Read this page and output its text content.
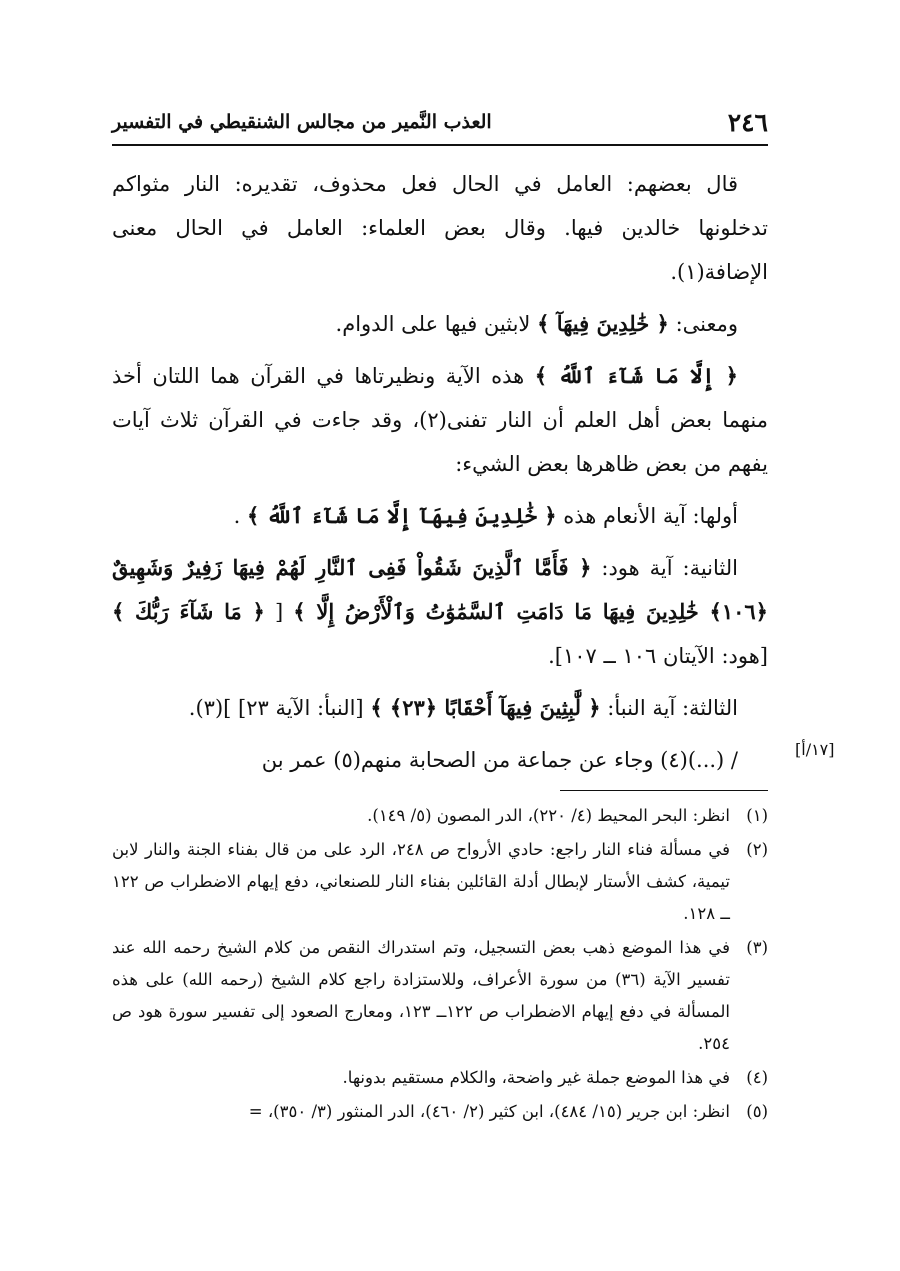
٢٤٦
العذب النَّمير من مجالس الشنقيطي في التفسير

قال بعضهم: العامل في الحال فعل محذوف، تقديره: النار مثواكم تدخلونها خالدين فيها. وقال بعض العلماء: العامل في الحال معنى الإضافة(١).

ومعنى: ﴿ خَٰلِدِينَ فِيهَآ ﴾ لابثين فيها على الدوام.

﴿ إِلَّا مَا شَآءَ ٱللَّهُ ﴾ هذه الآية ونظيرتاها في القرآن هما اللتان أخذ منهما بعض أهل العلم أن النار تفنى(٢)، وقد جاءت في القرآن ثلاث آيات يفهم من بعض ظاهرها بعض الشيء:

أولها: آية الأنعام هذه ﴿ خَٰلِدِينَ فِيهَآ إِلَّا مَا شَآءَ ٱللَّهُ ﴾ .

الثانية: آية هود: ﴿ فَأَمَّا ٱلَّذِينَ شَقُواْ فَفِى ٱلنَّارِ لَهُمْ فِيهَا زَفِيرٌ وَشَهِيقٌ ﴿١٠٦﴾ خَٰلِدِينَ فِيهَا مَا دَامَتِ ٱلسَّمَٰوَٰتُ وَٱلْأَرْضُ إِلَّا ﴾ [ ﴿ مَا شَآءَ رَبُّكَ ﴾ [هود: الآيتان ١٠٦ ــ ١٠٧].

الثالثة: آية النبأ: ﴿ لَّٰبِثِينَ فِيهَآ أَحْقَابًا ﴿٢٣﴾ ﴾ [النبأ: الآية ٢٣] ](٣).

/ (...)(٤) وجاء عن جماعة من الصحابة منهم(٥) عمر بن	[١٧/أ]
(١)
انظر: البحر المحيط (٤/ ٢٢٠)، الدر المصون (٥/ ١٤٩).
(٢)
في مسألة فناء النار راجع: حادي الأرواح ص ٢٤٨، الرد على من قال بفناء الجنة والنار لابن تيمية، كشف الأستار لإبطال أدلة القائلين بفناء النار للصنعاني، دفع إيهام الاضطراب ص ١٢٢ ــ ١٢٨.
(٣)
في هذا الموضع ذهب بعض التسجيل، وتم استدراك النقص من كلام الشيخ رحمه الله عند تفسير الآية (٣٦) من سورة الأعراف، وللاستزادة راجع كلام الشيخ (رحمه الله) على هذه المسألة في دفع إيهام الاضطراب ص ١٢٢ــ ١٢٣، ومعارج الصعود إلى تفسير سورة هود ص ٢٥٤.
(٤)
في هذا الموضع جملة غير واضحة، والكلام مستقيم بدونها.
(٥)
انظر: ابن جرير (١٥/ ٤٨٤)، ابن كثير (٢/ ٤٦٠)، الدر المنثور (٣/ ٣٥٠)، =
